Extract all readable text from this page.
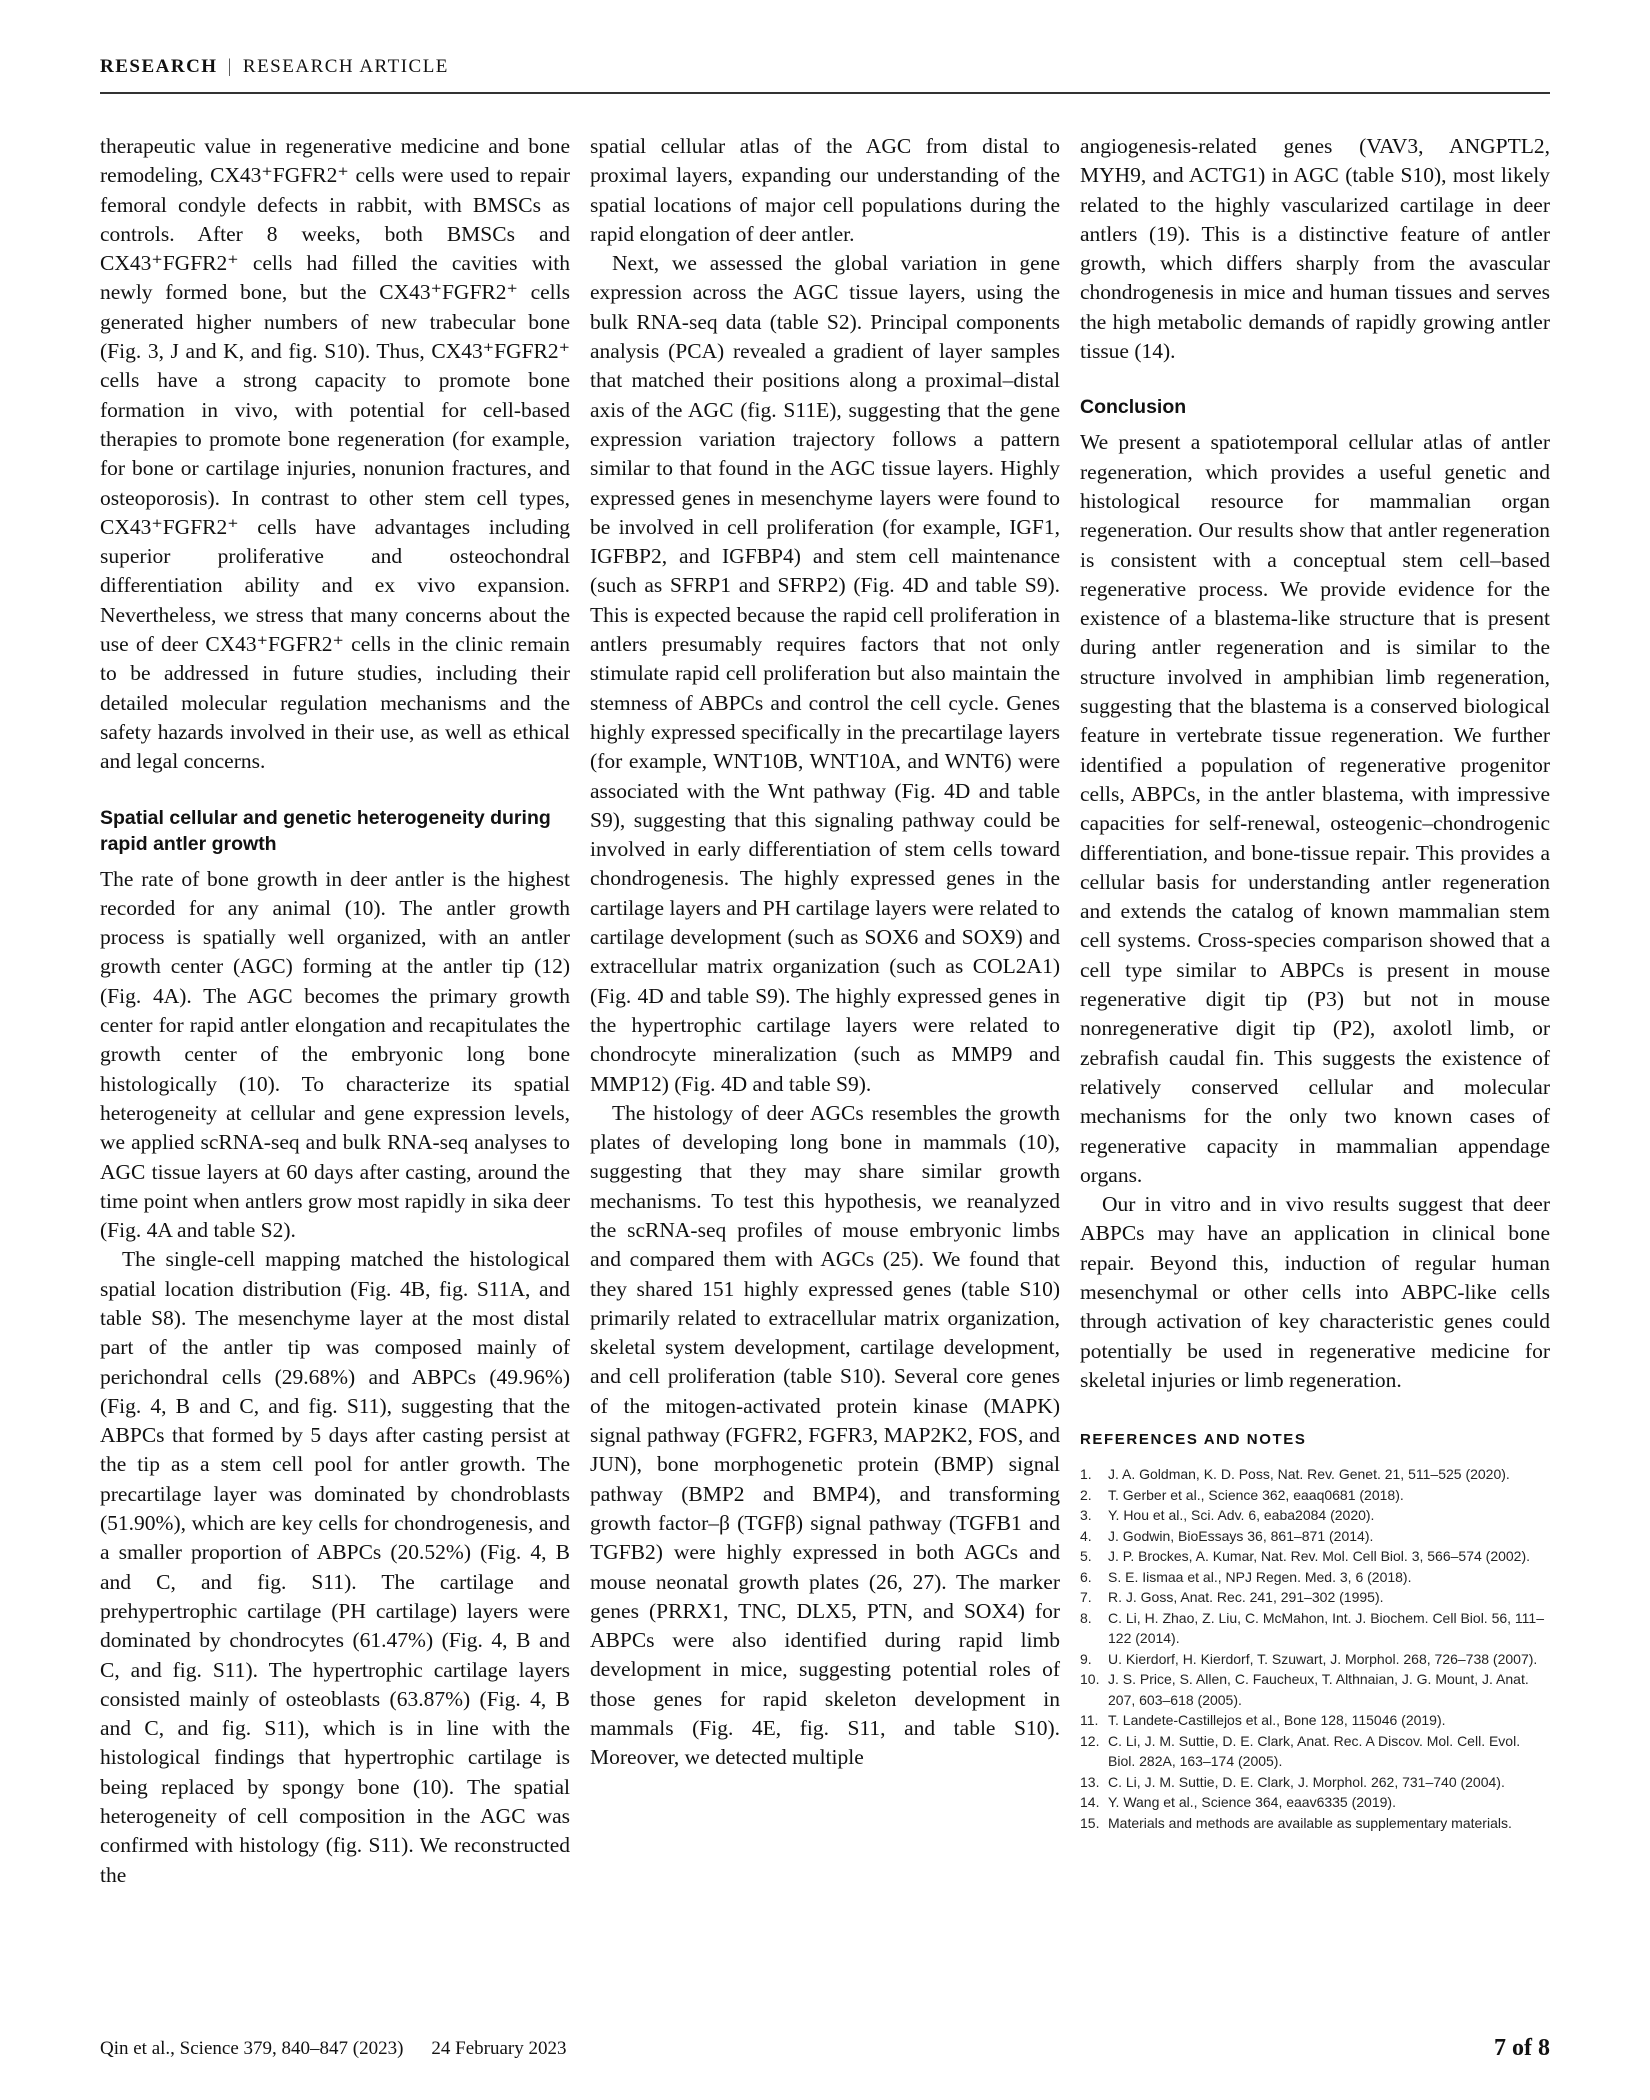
RESEARCH | RESEARCH ARTICLE

therapeutic value in regenerative medicine and bone remodeling, CX43⁺FGFR2⁺ cells were used to repair femoral condyle defects in rabbit, with BMSCs as controls. After 8 weeks, both BMSCs and CX43⁺FGFR2⁺ cells had filled the cavities with newly formed bone, but the CX43⁺FGFR2⁺ cells generated higher numbers of new trabecular bone (Fig. 3, J and K, and fig. S10). Thus, CX43⁺FGFR2⁺ cells have a strong capacity to promote bone formation in vivo, with potential for cell-based therapies to promote bone regeneration (for example, for bone or cartilage injuries, nonunion fractures, and osteoporosis). In contrast to other stem cell types, CX43⁺FGFR2⁺ cells have advantages including superior proliferative and osteochondral differentiation ability and ex vivo expansion. Nevertheless, we stress that many concerns about the use of deer CX43⁺FGFR2⁺ cells in the clinic remain to be addressed in future studies, including their detailed molecular regulation mechanisms and the safety hazards involved in their use, as well as ethical and legal concerns.

Spatial cellular and genetic heterogeneity during rapid antler growth

The rate of bone growth in deer antler is the highest recorded for any animal (10). The antler growth process is spatially well organized, with an antler growth center (AGC) forming at the antler tip (12) (Fig. 4A). The AGC becomes the primary growth center for rapid antler elongation and recapitulates the growth center of the embryonic long bone histologically (10). To characterize its spatial heterogeneity at cellular and gene expression levels, we applied scRNA-seq and bulk RNA-seq analyses to AGC tissue layers at 60 days after casting, around the time point when antlers grow most rapidly in sika deer (Fig. 4A and table S2).

The single-cell mapping matched the histological spatial location distribution (Fig. 4B, fig. S11A, and table S8). The mesenchyme layer at the most distal part of the antler tip was composed mainly of perichondral cells (29.68%) and ABPCs (49.96%) (Fig. 4, B and C, and fig. S11), suggesting that the ABPCs that formed by 5 days after casting persist at the tip as a stem cell pool for antler growth. The precartilage layer was dominated by chondroblasts (51.90%), which are key cells for chondrogenesis, and a smaller proportion of ABPCs (20.52%) (Fig. 4, B and C, and fig. S11). The cartilage and prehypertrophic cartilage (PH cartilage) layers were dominated by chondrocytes (61.47%) (Fig. 4, B and C, and fig. S11). The hypertrophic cartilage layers consisted mainly of osteoblasts (63.87%) (Fig. 4, B and C, and fig. S11), which is in line with the histological findings that hypertrophic cartilage is being replaced by spongy bone (10). The spatial heterogeneity of cell composition in the AGC was confirmed with histology (fig. S11). We reconstructed the

spatial cellular atlas of the AGC from distal to proximal layers, expanding our understanding of the spatial locations of major cell populations during the rapid elongation of deer antler.

Next, we assessed the global variation in gene expression across the AGC tissue layers, using the bulk RNA-seq data (table S2). Principal components analysis (PCA) revealed a gradient of layer samples that matched their positions along a proximal–distal axis of the AGC (fig. S11E), suggesting that the gene expression variation trajectory follows a pattern similar to that found in the AGC tissue layers. Highly expressed genes in mesenchyme layers were found to be involved in cell proliferation (for example, IGF1, IGFBP2, and IGFBP4) and stem cell maintenance (such as SFRP1 and SFRP2) (Fig. 4D and table S9). This is expected because the rapid cell proliferation in antlers presumably requires factors that not only stimulate rapid cell proliferation but also maintain the stemness of ABPCs and control the cell cycle. Genes highly expressed specifically in the precartilage layers (for example, WNT10B, WNT10A, and WNT6) were associated with the Wnt pathway (Fig. 4D and table S9), suggesting that this signaling pathway could be involved in early differentiation of stem cells toward chondrogenesis. The highly expressed genes in the cartilage layers and PH cartilage layers were related to cartilage development (such as SOX6 and SOX9) and extracellular matrix organization (such as COL2A1) (Fig. 4D and table S9). The highly expressed genes in the hypertrophic cartilage layers were related to chondrocyte mineralization (such as MMP9 and MMP12) (Fig. 4D and table S9).

The histology of deer AGCs resembles the growth plates of developing long bone in mammals (10), suggesting that they may share similar growth mechanisms. To test this hypothesis, we reanalyzed the scRNA-seq profiles of mouse embryonic limbs and compared them with AGCs (25). We found that they shared 151 highly expressed genes (table S10) primarily related to extracellular matrix organization, skeletal system development, cartilage development, and cell proliferation (table S10). Several core genes of the mitogen-activated protein kinase (MAPK) signal pathway (FGFR2, FGFR3, MAP2K2, FOS, and JUN), bone morphogenetic protein (BMP) signal pathway (BMP2 and BMP4), and transforming growth factor–β (TGFβ) signal pathway (TGFB1 and TGFB2) were highly expressed in both AGCs and mouse neonatal growth plates (26, 27). The marker genes (PRRX1, TNC, DLX5, PTN, and SOX4) for ABPCs were also identified during rapid limb development in mice, suggesting potential roles of those genes for rapid skeleton development in mammals (Fig. 4E, fig. S11, and table S10). Moreover, we detected multiple

angiogenesis-related genes (VAV3, ANGPTL2, MYH9, and ACTG1) in AGC (table S10), most likely related to the highly vascularized cartilage in deer antlers (19). This is a distinctive feature of antler growth, which differs sharply from the avascular chondrogenesis in mice and human tissues and serves the high metabolic demands of rapidly growing antler tissue (14).

Conclusion

We present a spatiotemporal cellular atlas of antler regeneration, which provides a useful genetic and histological resource for mammalian organ regeneration. Our results show that antler regeneration is consistent with a conceptual stem cell–based regenerative process. We provide evidence for the existence of a blastema-like structure that is present during antler regeneration and is similar to the structure involved in amphibian limb regeneration, suggesting that the blastema is a conserved biological feature in vertebrate tissue regeneration. We further identified a population of regenerative progenitor cells, ABPCs, in the antler blastema, with impressive capacities for self-renewal, osteogenic–chondrogenic differentiation, and bone-tissue repair. This provides a cellular basis for understanding antler regeneration and extends the catalog of known mammalian stem cell systems. Cross-species comparison showed that a cell type similar to ABPCs is present in mouse regenerative digit tip (P3) but not in mouse nonregenerative digit tip (P2), axolotl limb, or zebrafish caudal fin. This suggests the existence of relatively conserved cellular and molecular mechanisms for the only two known cases of regenerative capacity in mammalian appendage organs.

Our in vitro and in vivo results suggest that deer ABPCs may have an application in clinical bone repair. Beyond this, induction of regular human mesenchymal or other cells into ABPC-like cells through activation of key characteristic genes could potentially be used in regenerative medicine for skeletal injuries or limb regeneration.

REFERENCES AND NOTES
1. J. A. Goldman, K. D. Poss, Nat. Rev. Genet. 21, 511–525 (2020).
2. T. Gerber et al., Science 362, eaaq0681 (2018).
3. Y. Hou et al., Sci. Adv. 6, eaba2084 (2020).
4. J. Godwin, BioEssays 36, 861–871 (2014).
5. J. P. Brockes, A. Kumar, Nat. Rev. Mol. Cell Biol. 3, 566–574 (2002).
6. S. E. Iismaa et al., NPJ Regen. Med. 3, 6 (2018).
7. R. J. Goss, Anat. Rec. 241, 291–302 (1995).
8. C. Li, H. Zhao, Z. Liu, C. McMahon, Int. J. Biochem. Cell Biol. 56, 111–122 (2014).
9. U. Kierdorf, H. Kierdorf, T. Szuwart, J. Morphol. 268, 726–738 (2007).
10. J. S. Price, S. Allen, C. Faucheux, T. Althnaian, J. G. Mount, J. Anat. 207, 603–618 (2005).
11. T. Landete-Castillejos et al., Bone 128, 115046 (2019).
12. C. Li, J. M. Suttie, D. E. Clark, Anat. Rec. A Discov. Mol. Cell. Evol. Biol. 282A, 163–174 (2005).
13. C. Li, J. M. Suttie, D. E. Clark, J. Morphol. 262, 731–740 (2004).
14. Y. Wang et al., Science 364, eaav6335 (2019).
15. Materials and methods are available as supplementary materials.
Qin et al., Science 379, 840–847 (2023) 24 February 2023	7 of 8
